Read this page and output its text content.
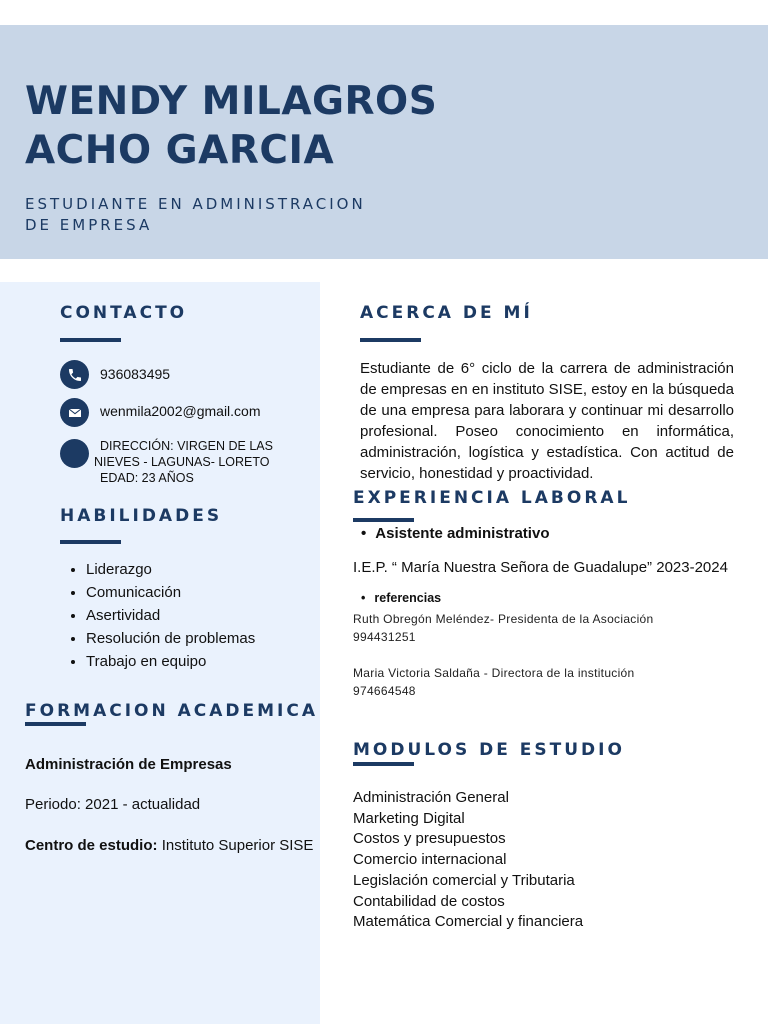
WENDY MILAGROS
ACHO GARCIA

ESTUDIANTE EN ADMINISTRACION
DE EMPRESA

CONTACTO
936083495
wenmila2002@gmail.com
DIRECCIÓN: VIRGEN DE LAS
NIEVES - LAGUNAS- LORETO
EDAD: 23 AÑOS
HABILIDADES
• Liderazgo
• Comunicación
• Asertividad
• Resolución de problemas
• Trabajo en equipo
FORMACION ACADEMICA
Administración de Empresas
Periodo: 2021 - actualidad
Centro de estudio: Instituto Superior SISE
ACERCA DE MÍ

Estudiante de 6° ciclo de la carrera de administración de empresas en en instituto SISE, estoy en la búsqueda de una empresa para laborara y continuar mi desarrollo profesional. Poseo conocimiento en informática, administración, logística y estadística. Con actitud de servicio, honestidad y proactividad.

EXPERIENCIA LABORAL
• Asistente administrativo
I.E.P. “ María Nuestra Señora de Guadalupe” 2023-2024
• referencias
Ruth Obregón Meléndez- Presidenta de la Asociación
994431251
Maria Victoria Saldaña - Directora de la institución
974664548
MODULOS DE ESTUDIO
Administración General
Marketing Digital
Costos y presupuestos
Comercio internacional
Legislación comercial y Tributaria
Contabilidad de costos
Matemática Comercial y financiera
